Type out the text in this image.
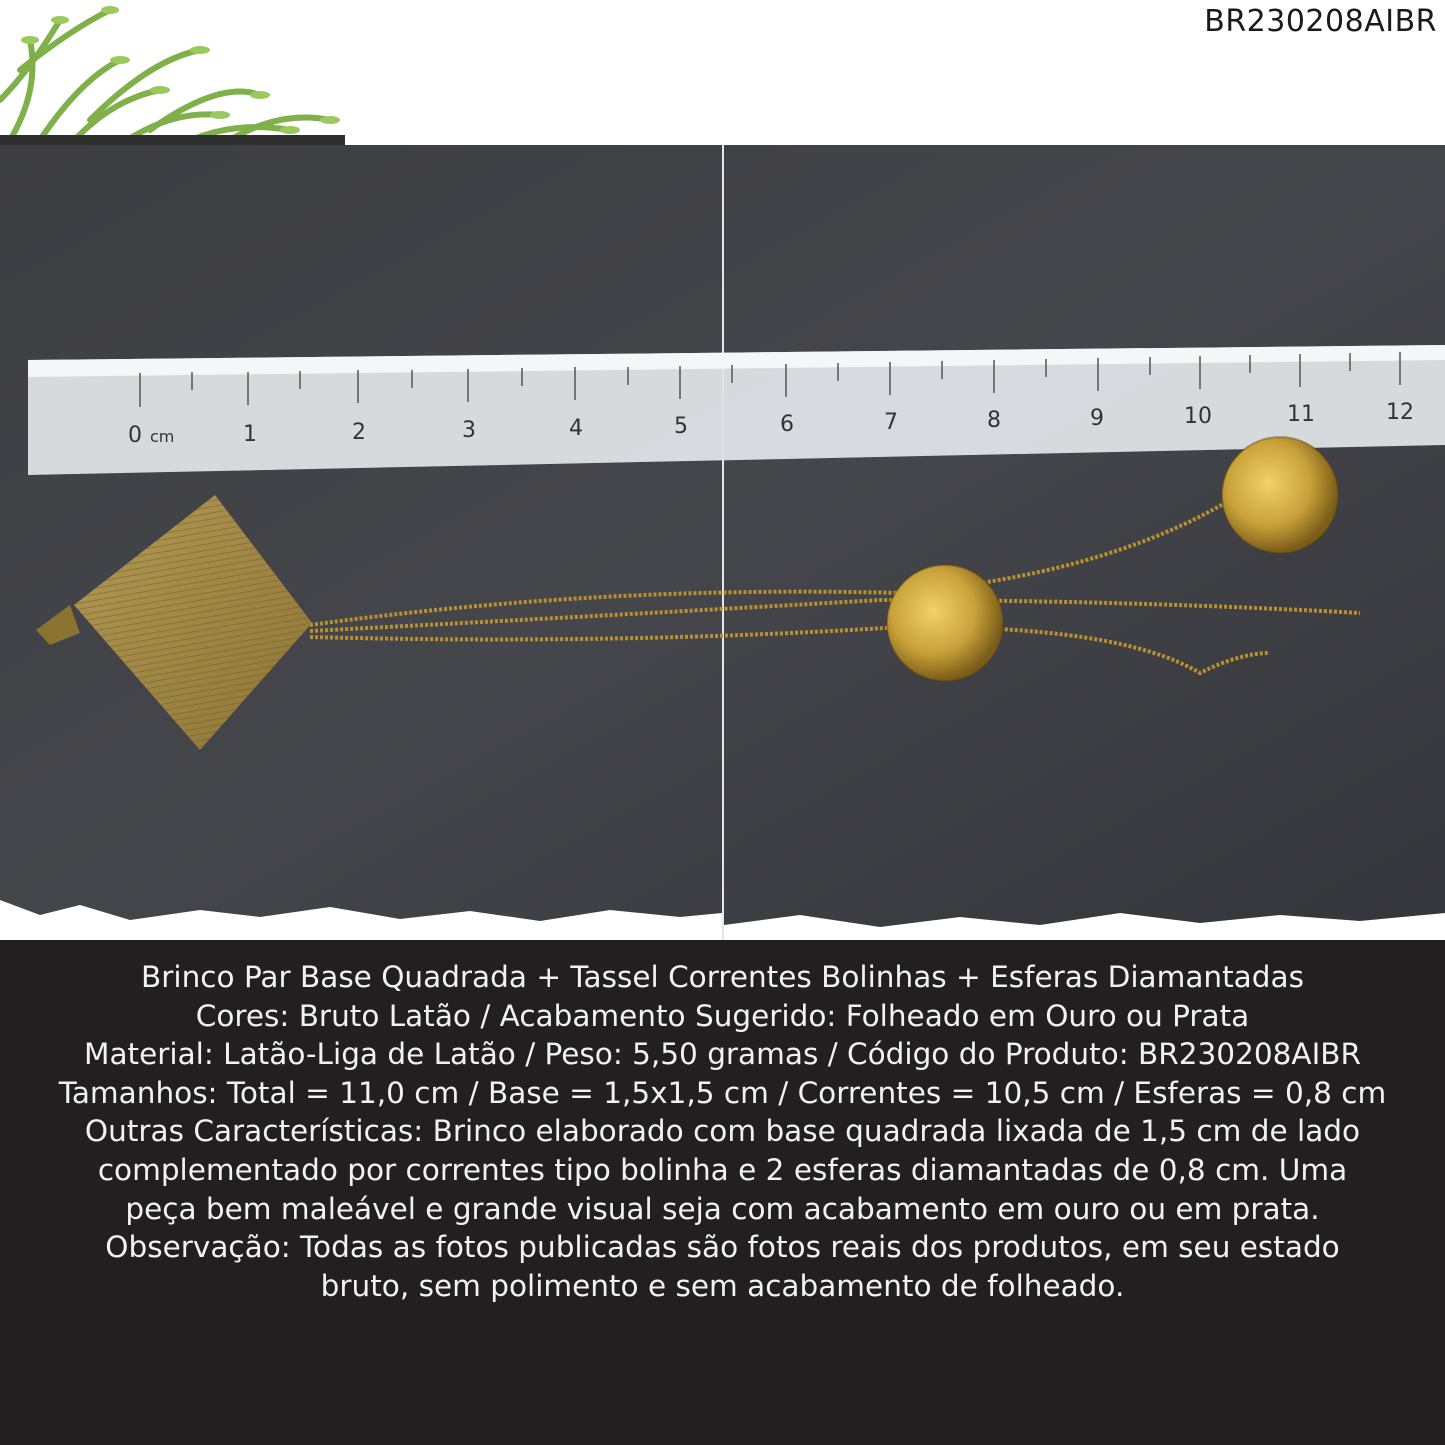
BR230208AIBR
0 cm	1	2	3	4	5	6	7	8	9	10	11	12
Brinco Par Base Quadrada + Tassel Correntes Bolinhas + Esferas Diamantadas
Cores: Bruto Latão / Acabamento Sugerido: Folheado em Ouro ou Prata
Material: Latão-Liga de Latão / Peso: 5,50 gramas / Código do Produto: BR230208AIBR
Tamanhos: Total = 11,0 cm / Base = 1,5x1,5 cm / Correntes = 10,5 cm / Esferas = 0,8 cm
Outras Características: Brinco elaborado com base quadrada lixada de 1,5 cm de lado
complementado por correntes tipo bolinha e 2 esferas diamantadas de 0,8 cm. Uma
peça bem maleável e grande visual seja com acabamento em ouro ou em prata.
Observação: Todas as fotos publicadas são fotos reais dos produtos, em seu estado
bruto, sem polimento e sem acabamento de folheado.
